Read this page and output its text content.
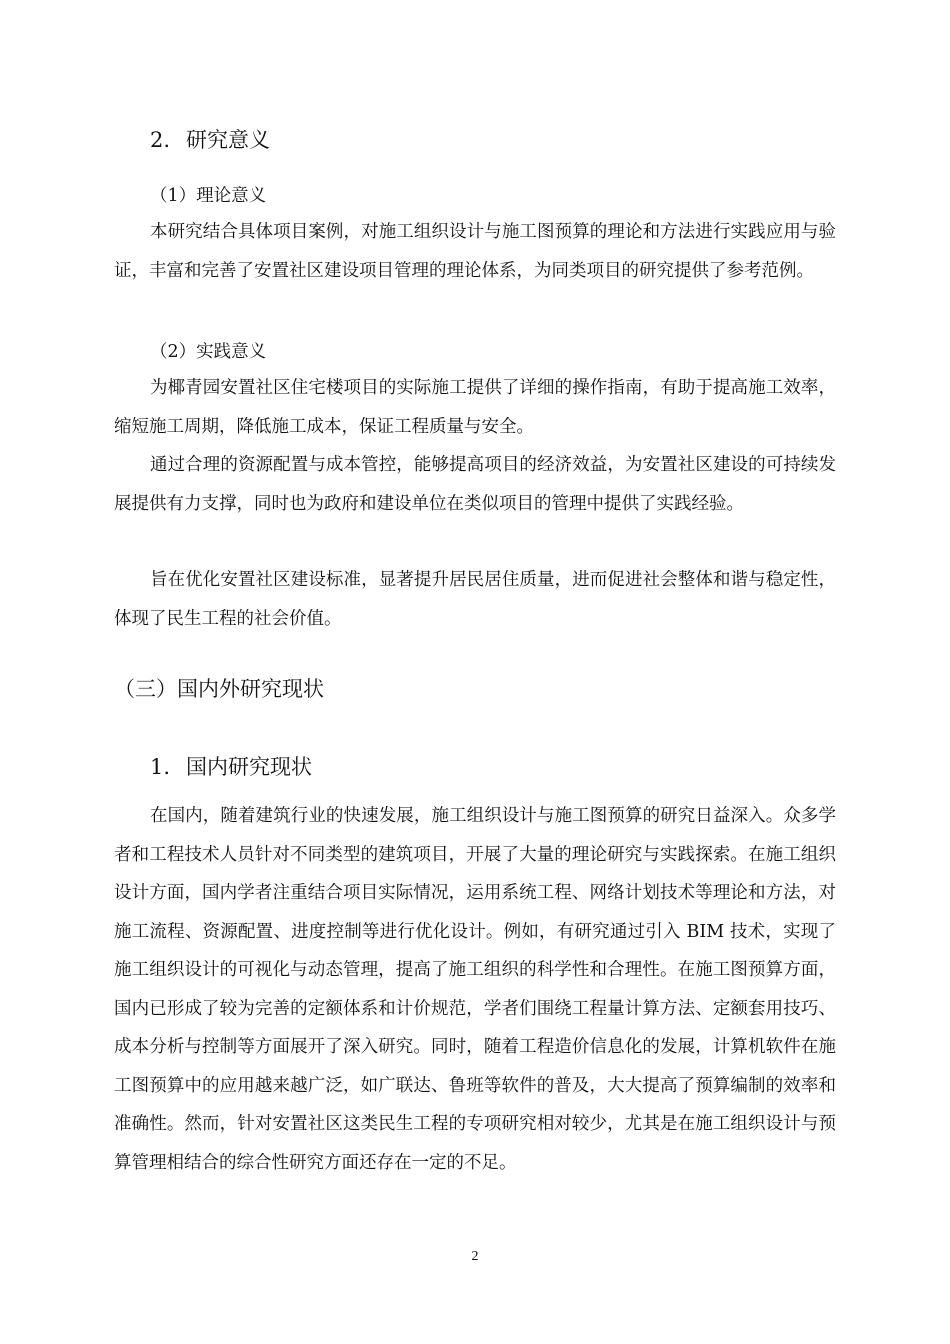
2. 研究意义

（1）理论意义

本研究结合具体项目案例，对施工组织设计与施工图预算的理论和方法进行实践应用与验证，丰富和完善了安置社区建设项目管理的理论体系，为同类项目的研究提供了参考范例。

（2）实践意义

为椰青园安置社区住宅楼项目的实际施工提供了详细的操作指南，有助于提高施工效率，缩短施工周期，降低施工成本，保证工程质量与安全。

通过合理的资源配置与成本管控，能够提高项目的经济效益，为安置社区建设的可持续发展提供有力支撑，同时也为政府和建设单位在类似项目的管理中提供了实践经验。

旨在优化安置社区建设标准，显著提升居民居住质量，进而促进社会整体和谐与稳定性，体现了民生工程的社会价值。

（三）国内外研究现状
1. 国内研究现状

在国内，随着建筑行业的快速发展，施工组织设计与施工图预算的研究日益深入。众多学者和工程技术人员针对不同类型的建筑项目，开展了大量的理论研究与实践探索。在施工组织设计方面，国内学者注重结合项目实际情况，运用系统工程、网络计划技术等理论和方法，对施工流程、资源配置、进度控制等进行优化设计。例如，有研究通过引入 BIM 技术，实现了施工组织设计的可视化与动态管理，提高了施工组织的科学性和合理性。在施工图预算方面，国内已形成了较为完善的定额体系和计价规范，学者们围绕工程量计算方法、定额套用技巧、成本分析与控制等方面展开了深入研究。同时，随着工程造价信息化的发展，计算机软件在施工图预算中的应用越来越广泛，如广联达、鲁班等软件的普及，大大提高了预算编制的效率和准确性。然而，针对安置社区这类民生工程的专项研究相对较少，尤其是在施工组织设计与预算管理相结合的综合性研究方面还存在一定的不足。

2
